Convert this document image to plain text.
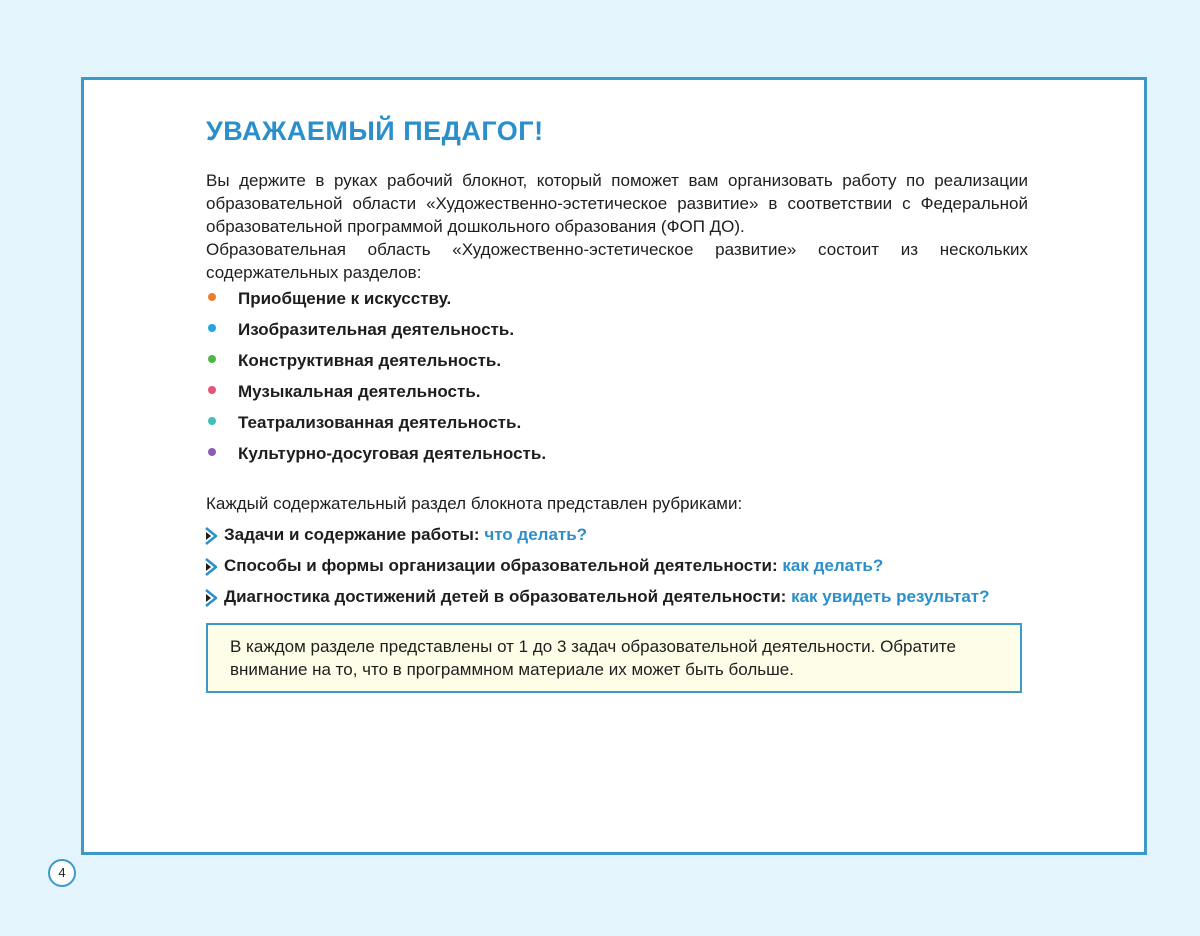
УВАЖАЕМЫЙ ПЕДАГОГ!

Вы держите в руках рабочий блокнот, который поможет вам организовать работу по реализации образовательной области «Художественно-эстетическое развитие» в соответствии с Федеральной образовательной программой дошкольного образования (ФОП ДО).

Образовательная область «Художественно-эстетическое развитие» состоит из нескольких содержательных разделов:

Приобщение к искусству.
Изобразительная деятельность.
Конструктивная деятельность.
Музыкальная деятельность.
Театрализованная деятельность.
Культурно-досуговая деятельность.

Каждый содержательный раздел блокнота представлен рубриками:

Задачи и содержание работы: что делать?
Способы и формы организации образовательной деятельности: как делать?
Диагностика достижений детей в образовательной деятельности: как увидеть результат?
В каждом разделе представлены от 1 до 3 задач образовательной деятельности. Обратите внимание на то, что в программном материале их может быть больше.
4
